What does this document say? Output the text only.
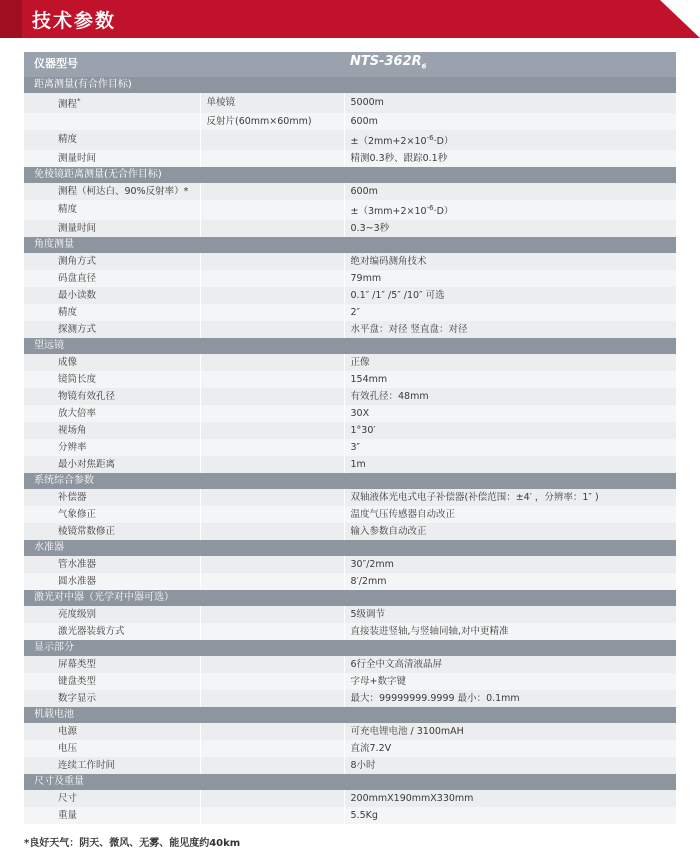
技术参数
仪器型号			NTS-$362R_6$
距离测量(有合作目标)			
	测程*	单棱镜	5000m
		反射片(60mm×60mm)	600m
	精度		$\pm(2mm+2\times 10^{-6}\cdot D)$
	测量时间		精测0.3秒、跟踪0.1秒
免棱镜距离测量(无合作目标)			
	测程（柯达白、90%反射率）*		600m
	精度		$\pm(3mm+2\times 10^{-6}\cdot D)$
	测量时间		0.3~3秒
角度测量			
	测角方式		绝对编码测角技术
	码盘直径		79mm
	最小读数		0.1″ /1″ /5″ /10″ 可选
	精度		2″
	探测方式		水平盘：对径 竖直盘：对径
望远镜			
	成像		正像
	镜筒长度		154mm
	物镜有效孔径		有效孔径：48mm
	放大倍率		30X
	视场角		1°30′
	分辨率		3″
	最小对焦距离		1m
系统综合参数			
	补偿器		双轴液体光电式电子补偿器(补偿范围：±4′ ，分辨率：1″ )
	气象修正		温度气压传感器自动改正
	棱镜常数修正		输入参数自动改正
水准器			
	管水准器		30″/2mm
	圆水准器		8′/2mm
激光对中器（光学对中器可选）			
	亮度级别		5级调节
	激光器装载方式		直接装进竖轴,与竖轴同轴,对中更精准
显示部分			
	屏幕类型		6行全中文高清液晶屏
	键盘类型		字母+数字键
	数字显示		最大：99999999.9999 最小：0.1mm
机载电池			
	电源		可充电锂电池 / 3100mAH
	电压		直流7.2V
	连续工作时间		8小时
尺寸及重量			
	尺寸		200mmX190mmX330mm
	重量		5.5Kg
*良好天气：阴天、微风、无雾、能见度约40km
